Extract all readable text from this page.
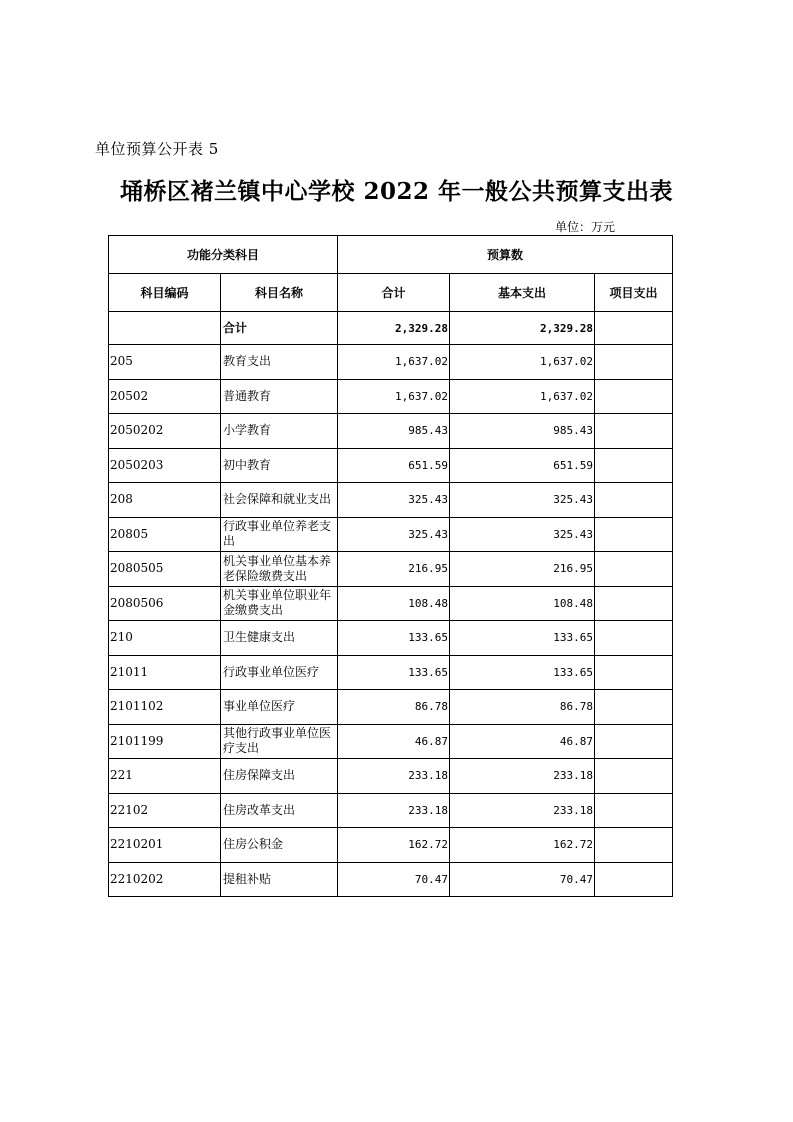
单位预算公开表 5
埇桥区褚兰镇中心学校 2022 年一般公共预算支出表
单位：万元
功能分类科目		预算数		
科目编码	科目名称	合计	基本支出	项目支出
	合计	2,329.28	2,329.28	
205	教育支出	1,637.02	1,637.02	
20502	普通教育	1,637.02	1,637.02	
2050202	小学教育	985.43	985.43	
2050203	初中教育	651.59	651.59	
208	社会保障和就业支出	325.43	325.43	
20805	行政事业单位养老支出	325.43	325.43	
2080505	机关事业单位基本养老保险缴费支出	216.95	216.95	
2080506	机关事业单位职业年金缴费支出	108.48	108.48	
210	卫生健康支出	133.65	133.65	
21011	行政事业单位医疗	133.65	133.65	
2101102	事业单位医疗	86.78	86.78	
2101199	其他行政事业单位医疗支出	46.87	46.87	
221	住房保障支出	233.18	233.18	
22102	住房改革支出	233.18	233.18	
2210201	住房公积金	162.72	162.72	
2210202	提租补贴	70.47	70.47	
